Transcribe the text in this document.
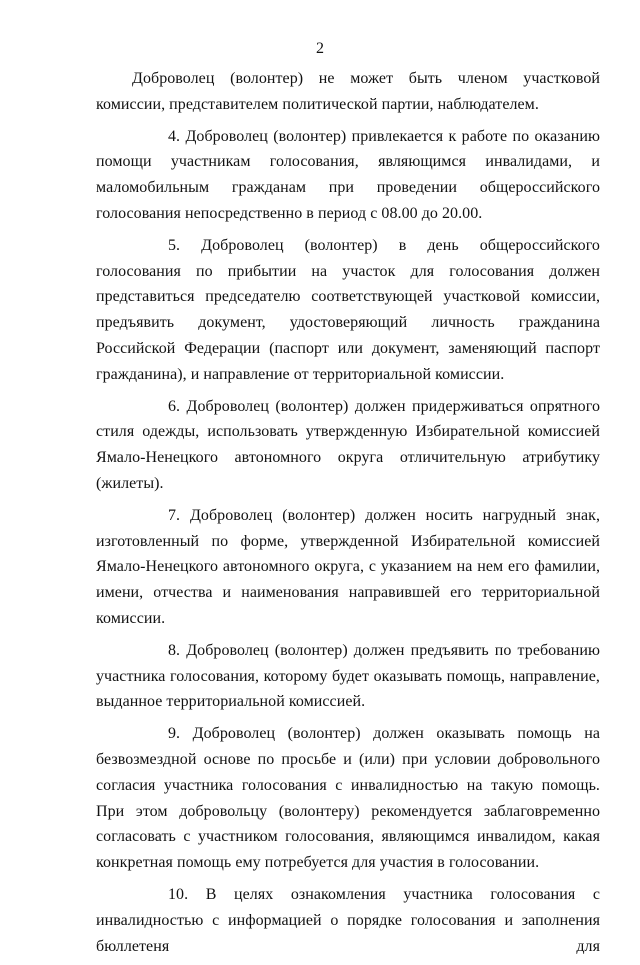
2

Доброволец (волонтер) не может быть членом участковой комиссии, представителем политической партии, наблюдателем.

4. Доброволец (волонтер) привлекается к работе по оказанию помощи участникам голосования, являющимся инвалидами, и маломобильным гражданам при проведении общероссийского голосования непосредственно в период с 08.00 до 20.00.

5. Доброволец (волонтер) в день общероссийского голосования по прибытии на участок для голосования должен представиться председателю соответствующей участковой комиссии, предъявить документ, удостоверяющий личность гражданина Российской Федерации (паспорт или документ, заменяющий паспорт гражданина), и направление от территориальной комиссии.

6. Доброволец (волонтер) должен придерживаться опрятного стиля одежды, использовать утвержденную Избирательной комиссией Ямало-Ненецкого автономного округа отличительную атрибутику (жилеты).

7. Доброволец (волонтер) должен носить нагрудный знак, изготовленный по форме, утвержденной Избирательной комиссией Ямало-Ненецкого автономного округа, с указанием на нем его фамилии, имени, отчества и наименования направившей его территориальной комиссии.

8. Доброволец (волонтер) должен предъявить по требованию участника голосования, которому будет оказывать помощь, направление, выданное территориальной комиссией.

9. Доброволец (волонтер) должен оказывать помощь на безвозмездной основе по просьбе и (или) при условии добровольного согласия участника голосования с инвалидностью на такую помощь. При этом добровольцу (волонтеру) рекомендуется заблаговременно согласовать с участником голосования, являющимся инвалидом, какая конкретная помощь ему потребуется для участия в голосовании.

10. В целях ознакомления участника голосования с инвалидностью с информацией о порядке голосования и заполнения бюллетеня для
